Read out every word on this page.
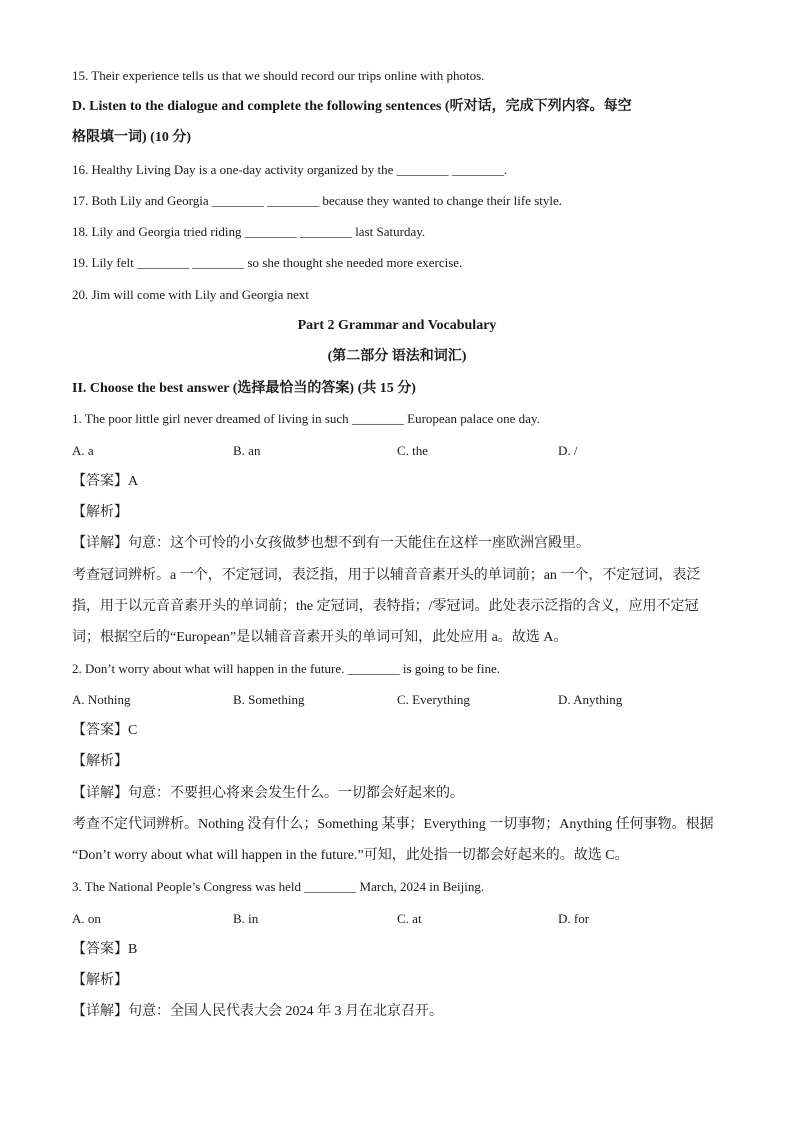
15. Their experience tells us that we should record our trips online with photos.
D. Listen to the dialogue and complete the following sentences (听对话，完成下列内容。每空
格限填一词) (10 分)
16. Healthy Living Day is a one-day activity organized by the ________ ________.
17. Both Lily and Georgia ________ ________ because they wanted to change their life style.
18. Lily and Georgia tried riding ________ ________ last Saturday.
19. Lily felt ________ ________ so she thought she needed more exercise.
20. Jim will come with Lily and Georgia next
Part 2 Grammar and Vocabulary
(第二部分 语法和词汇)
II. Choose the best answer (选择最恰当的答案) (共 15 分)
1. The poor little girl never dreamed of living in such ________ European palace one day.
A. a	B. an	C. the	D. /
【答案】A
【解析】
【详解】句意：这个可怜的小女孩做梦也想不到有一天能住在这样一座欧洲宫殿里。
考查冠词辨析。a 一个，不定冠词，表泛指，用于以辅音音素开头的单词前；an 一个，不定冠词，表泛
指，用于以元音音素开头的单词前；the 定冠词，表特指；/零冠词。此处表示泛指的含义，应用不定冠
词；根据空后的“European”是以辅音音素开头的单词可知，此处应用 a。故选 A。
2. Don’t worry about what will happen in the future. ________ is going to be fine.
A. Nothing	B. Something	C. Everything	D. Anything
【答案】C
【解析】
【详解】句意：不要担心将来会发生什么。一切都会好起来的。
考查不定代词辨析。Nothing 没有什么；Something 某事；Everything 一切事物；Anything 任何事物。根据
“Don’t worry about what will happen in the future.”可知，此处指一切都会好起来的。故选 C。
3. The National People’s Congress was held ________ March, 2024 in Beijing.
A. on	B. in	C. at	D. for
【答案】B
【解析】
【详解】句意：全国人民代表大会 2024 年 3 月在北京召开。
